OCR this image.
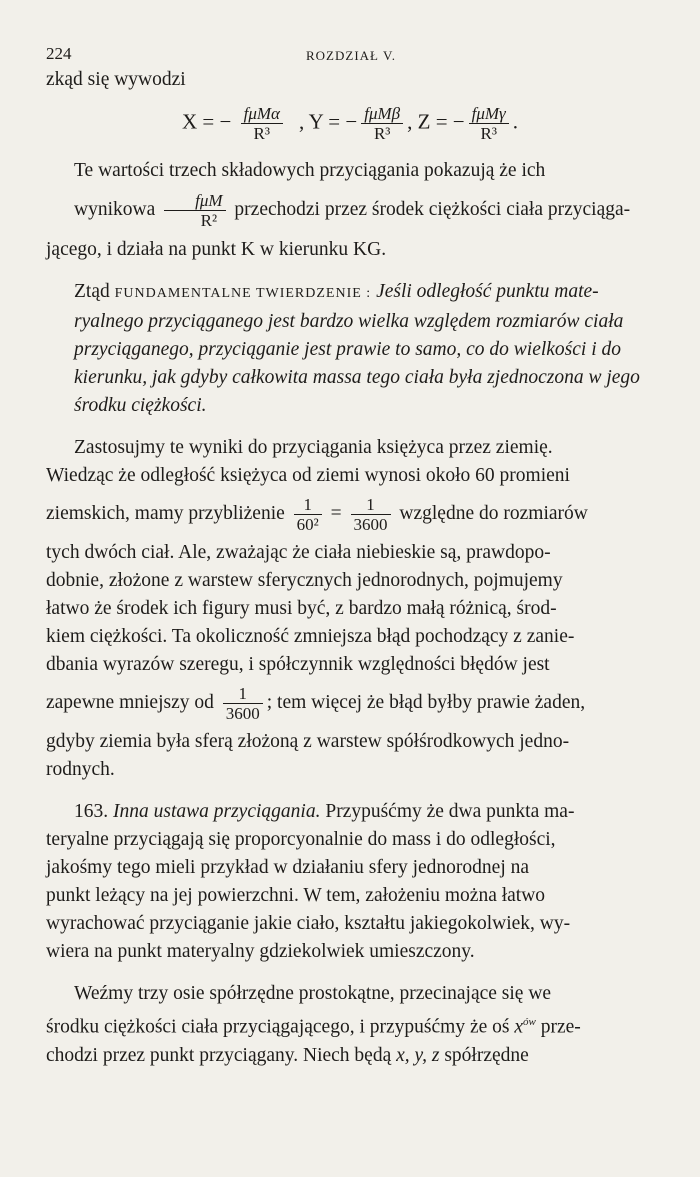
224	ROZDZIAŁ V.

zkąd się wywodzi

X = − $\frac{\text{fμMα}}{\text{R³}}$ , Y = − $\frac{\text{fμMβ}}{\text{R³}}$ , Z = − $\frac{\text{fμMγ}}{\text{R³}}$ .

Te wartości trzech składowych przyciągania pokazują że ich
wynikowa $\frac{\text{fμM}}{\text{R²}}$ przechodzi przez środek ciężkości ciała przyciąga-
jącego, i działa na punkt K w kierunku KG.

Ztąd FUNDAMENTALNE TWIERDZENIE : Jeśli odległość punktu mate-
ryalnego przyciąganego jest bardzo wielka względem rozmiarów ciała
przyciąganego, przyciąganie jest prawie to samo, co do wielkości i do
kierunku, jak gdyby całkowita massa tego ciała była zjednoczona w jego
środku ciężkości.

Zastosujmy te wyniki do przyciągania księżyca przez ziemię.
Wiedząc że odległość księżyca od ziemi wynosi około 60 promieni
ziemskich, mamy przybliżenie $\frac{1}{\text{60²}} = \frac{1}{3600}$ względne do rozmiarów
tych dwóch ciał. Ale, zważając że ciała niebieskie są, prawdopo-
dobnie, złożone z warstew sferycznych jednorodnych, pojmujemy
łatwo że środek ich figury musi być, z bardzo małą różnicą, środ-
kiem ciężkości. Ta okoliczność zmniejsza błąd pochodzący z zanie-
dbania wyrazów szeregu, i spółczynnik względności błędów jest
zapewne mniejszy od $\frac{1}{3600}$ ; tem więcej że błąd byłby prawie żaden,
gdyby ziemia była sferą złożoną z warstew spółśrodkowych jedno-
rodnych.

163. Inna ustawa przyciągania. Przypuśćmy że dwa punkta ma-
teryalne przyciągają się proporcyonalnie do mass i do odległości,
jakośmy tego mieli przykład w działaniu sfery jednorodnej na
punkt leżący na jej powierzchni. W tem, założeniu można łatwo
wyrachować przyciąganie jakie ciało, kształtu jakiegokolwiek, wy-
wiera na punkt materyalny gdziekolwiek umieszczony.

Weźmy trzy osie spółrzędne prostokątne, przecinające się we
środku ciężkości ciała przyciągającego, i przypuśćmy że oś $x^{ów}$ prze-
chodzi przez punkt przyciągany. Niech będą x, y, z spółrzędne
